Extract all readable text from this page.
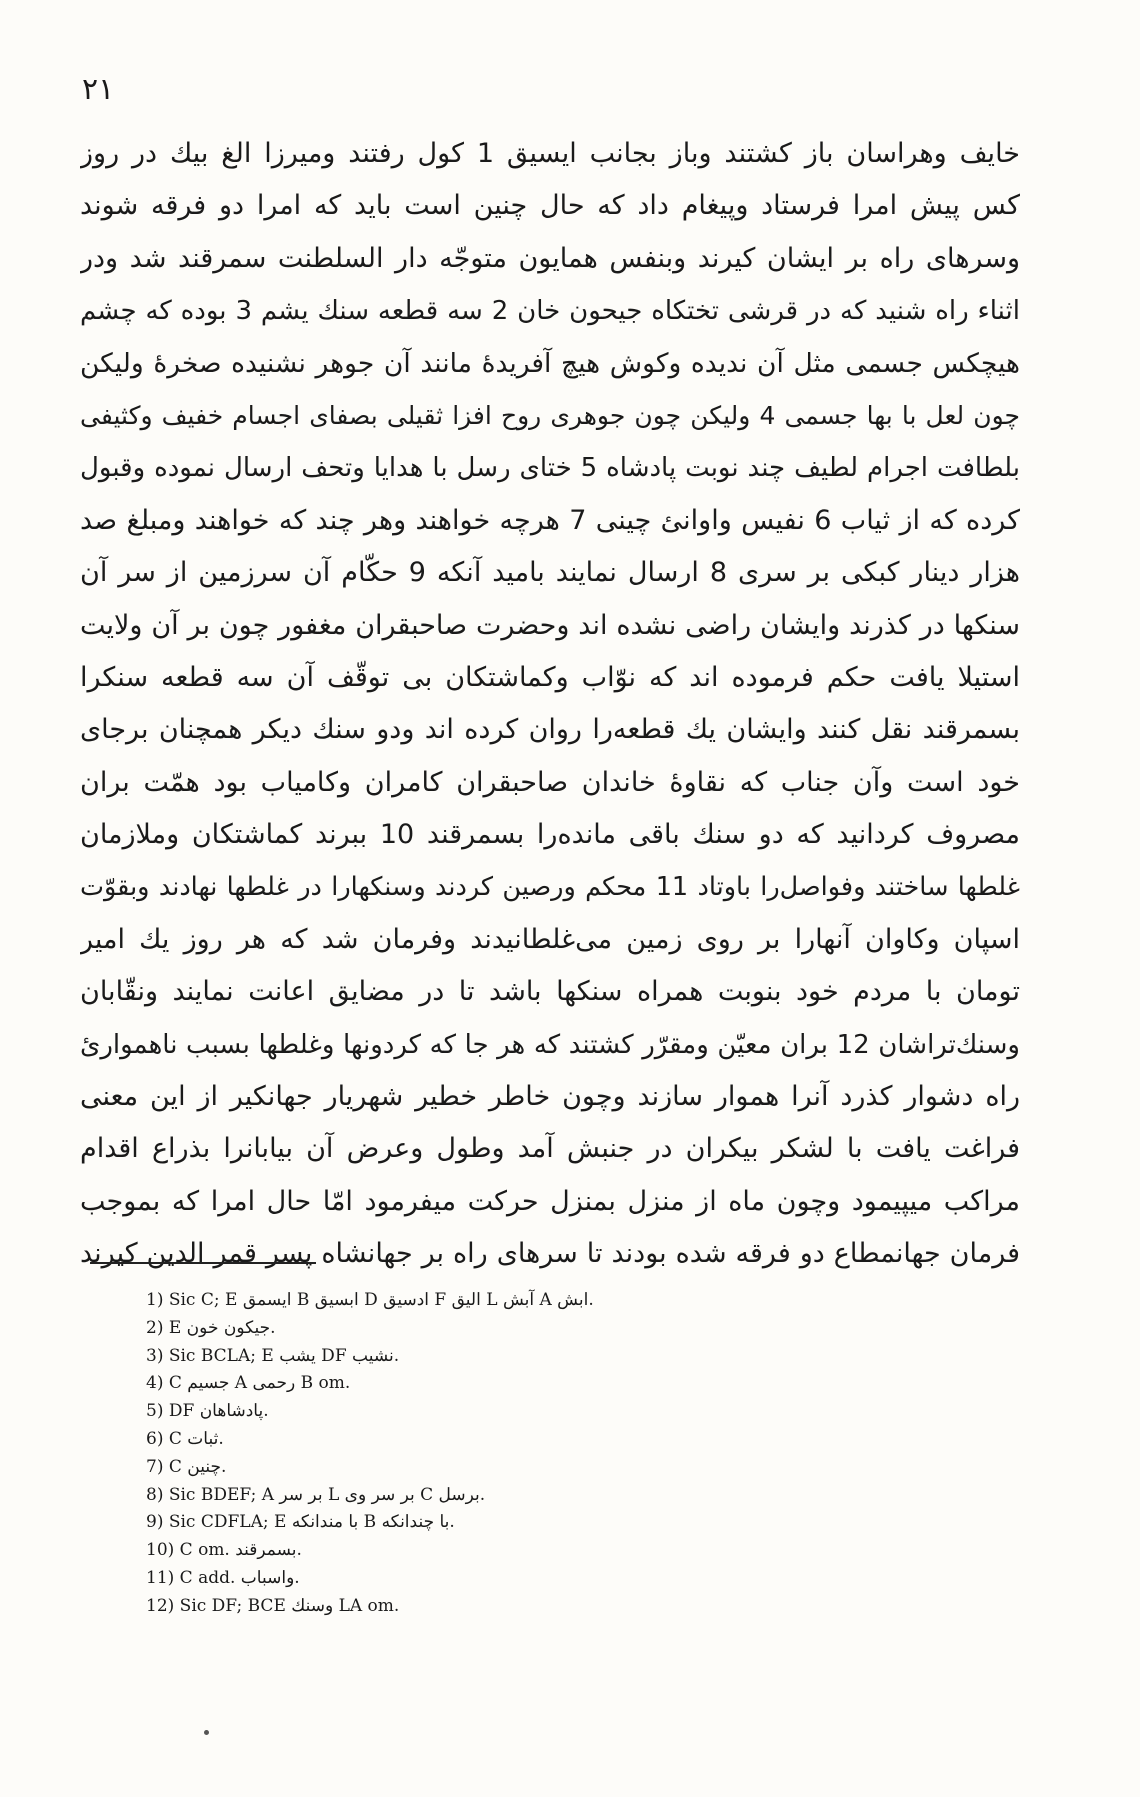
۲۱
خایف وهراسان باز کشتند وباز بجانب ایسیق 1 کول رفتند ومیرزا الغ بیك در روز
کس پیش امرا فرستاد وپیغام داد که حال چنین است باید که امرا دو فرقه شوند
وسرهای راه بر ایشان کیرند وبنفس همایون متوجّه دار السلطنت سمرقند شد ودر
اثناء راه شنید که در قرشی تختکاه جیحون خان 2 سه قطعه سنك یشم 3 بوده که چشم
هیچکس جسمی مثل آن ندیده وکوش هیچ آفریدهٔ مانند آن جوهر نشنیده صخرهٔ ولیکن
چون لعل با بها جسمی 4 ولیکن چون جوهری روح افزا ثقیلی بصفای اجسام خفیف وکثیفی
بلطافت اجرام لطیف چند نوبت پادشاه 5 ختای رسل با هدایا وتحف ارسال نموده وقبول
کرده که از ثیاب 6 نفیس واوانئ چینی 7 هرچه خواهند وهر چند که خواهند ومبلغ صد
هزار دینار کبکی بر سری 8 ارسال نمایند باميد آنکه 9 حکّام آن سرزمین از سر آن
سنکها در کذرند وایشان راضی نشده اند وحضرت صاحبقران مغفور چون بر آن ولایت
استیلا یافت حکم فرموده اند که نوّاب وکماشتکان بی توقّف آن سه قطعه سنكرا
بسمرقند نقل کنند وایشان یك قطعه‌را روان کرده اند ودو سنك دیکر همچنان برجای
خود است وآن جناب که نقاوهٔ خاندان صاحبقران کامران وکامیاب بود همّت بران
مصروف کردانید که دو سنك باقی مانده‌را بسمرقند 10 ببرند کماشتکان وملازمان
غلطها ساختند وفواصل‌را باوتاد 11 محکم ورصین کردند وسنکهارا در غلطها نهادند وبقوّت
اسپان وکاوان آنهارا بر روی زمین می‌غلطانیدند وفرمان شد که هر روز یك امیر
تومان با مردم خود بنوبت همراه سنکها باشد تا در مضایق اعانت نمایند ونقّابان
وسنك‌تراشان 12 بران معیّن ومقرّر کشتند که هر جا که کردونها وغلطها بسبب ناهمواریٔ
راه دشوار کذرد آنرا هموار سازند وچون خاطر خطیر شهریار جهانکیر از این معنی
فراغت یافت با لشکر بیکران در جنبش آمد وطول وعرض آن بیابانرا بذراع اقدام
مراکب میپیمود وچون ماه از منزل بمنزل حرکت میفرمود امّا حال امرا که بموجب
فرمان جهانمطاع دو فرقه شده بودند تا سرهای راه بر جهانشاه پسر قمر الدین کیرند
1) Sic C; E ایسمق B ابسیق D ادسیق F الیق L آبش A ابش.
2) E جیکون خون.
3) Sic BCLA; E یشب DF نشیب.
4) C جسیم A رحمی B om.
5) DF پادشاهان.
6) C ثبات.
7) C چنین.
8) Sic BDEF; A بر سر L بر سر وی C برسل.
9) Sic CDFLA; E با مندانکه B با چندانکه.
10) C om. بسمرقند.
11) C add. واسباب.
12) Sic DF; BCE وسنك LA om.
